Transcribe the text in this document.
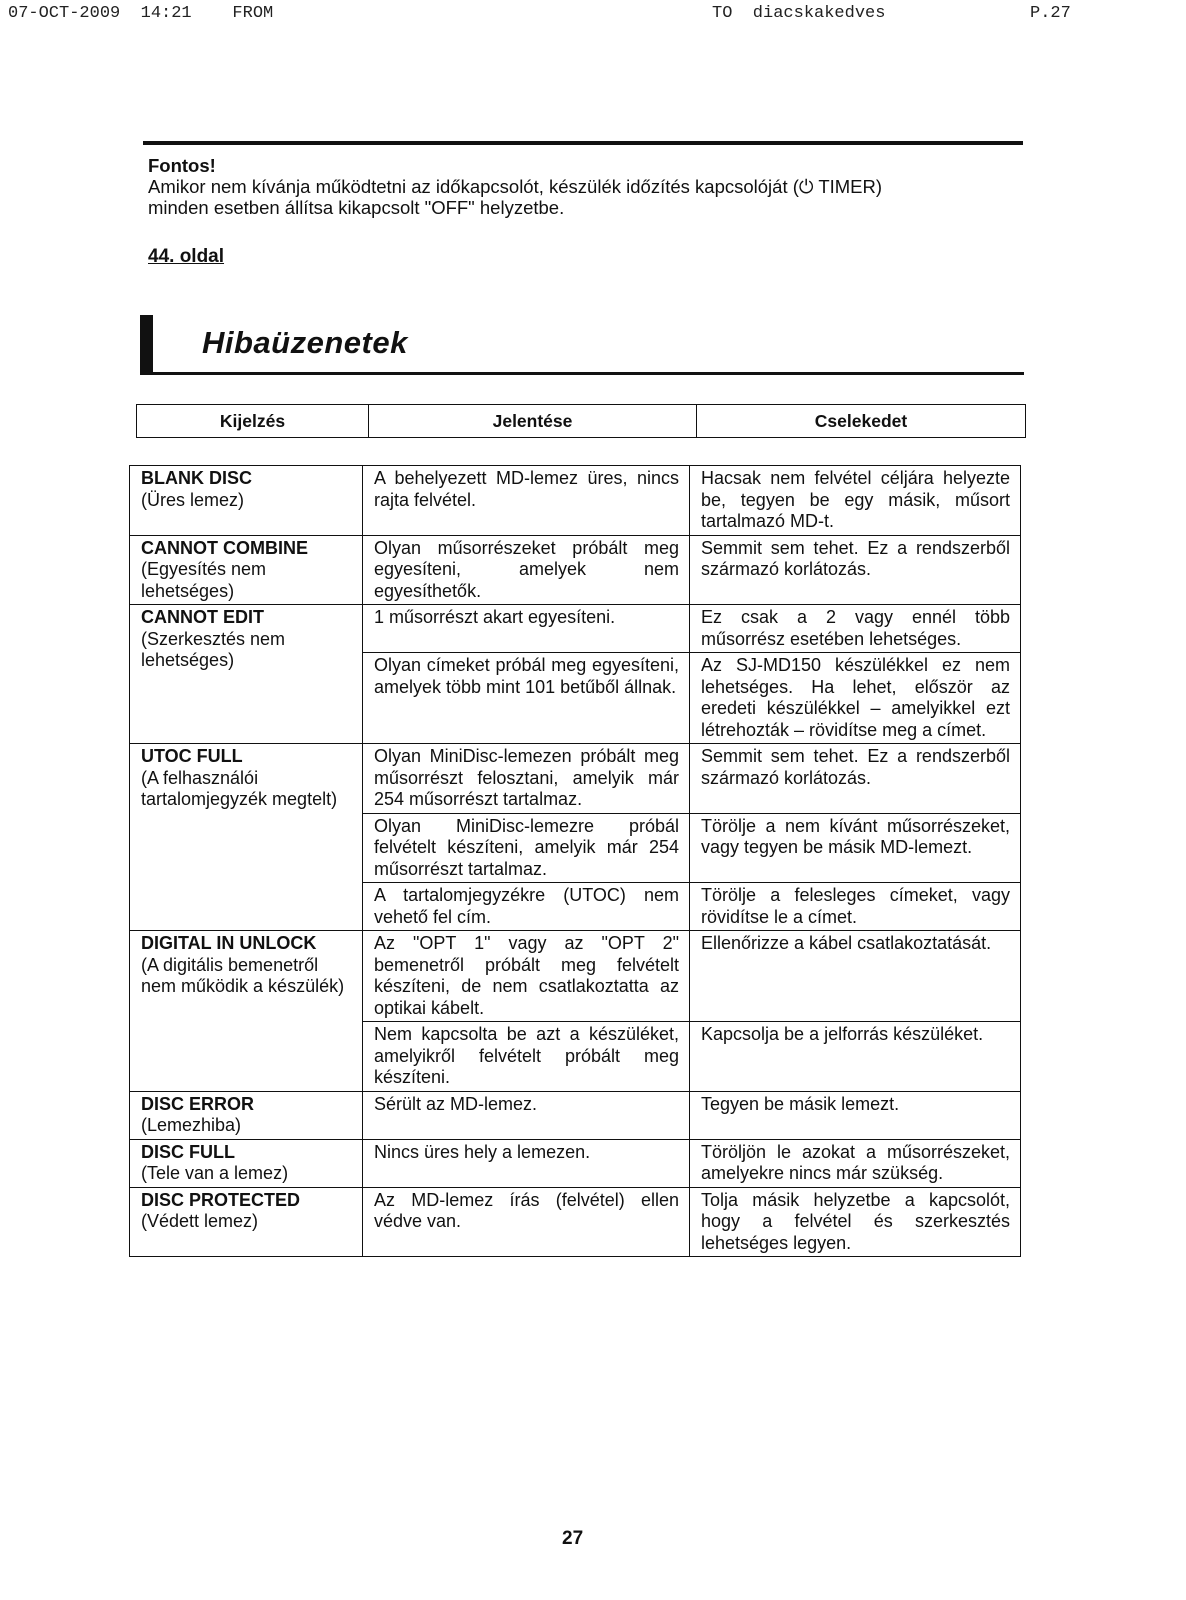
07-OCT-2009  14:21    FROM	TO  diacskakedves	P.27
Fontos!
Amikor nem kívánja működtetni az időkapcsolót, készülék időzítés kapcsolóját (⏻ TIMER)
minden esetben állítsa kikapcsolt "OFF" helyzetbe.
44. oldal
Hibaüzenetek
Kijelzés	Jelentése	Cselekedet
BLANK DISC
(Üres lemez)	A behelyezett MD-lemez üres, nincs rajta felvétel.	Hacsak nem felvétel céljára helyezte be, tegyen be egy másik, műsort tartalmazó MD-t.

CANNOT COMBINE
(Egyesítés nem lehetséges)	Olyan műsorrészeket próbált meg egyesíteni, amelyek nem egyesíthetők.	Semmit sem tehet. Ez a rendszerből származó korlátozás.

CANNOT EDIT
(Szerkesztés nem lehetséges)	1 műsorrészt akart egyesíteni.	Ez csak a 2 vagy ennél több műsorrész esetében lehetséges.
	Olyan címeket próbál meg egyesíteni, amelyek több mint 101 betűből állnak.	Az SJ-MD150 készülékkel ez nem lehetséges. Ha lehet, először az eredeti készülékkel – amelyikkel ezt létrehozták – rövidítse meg a címet.

UTOC FULL
(A felhasználói tartalomjegyzék megtelt)	Olyan MiniDisc-lemezen próbált meg műsorrészt felosztani, amelyik már 254 műsorrészt tartalmaz.	Semmit sem tehet. Ez a rendszerből származó korlátozás.
	Olyan MiniDisc-lemezre próbál felvételt készíteni, amelyik már 254 műsorrészt tartalmaz.	Törölje a nem kívánt műsorrészeket, vagy tegyen be másik MD-lemezt.
	A tartalomjegyzékre (UTOC) nem vehető fel cím.	Törölje a felesleges címeket, vagy rövidítse le a címet.

DIGITAL IN UNLOCK
(A digitális bemenetről nem működik a készülék)	Az "OPT 1" vagy az "OPT 2" bemenetről próbált meg felvételt készíteni, de nem csatlakoztatta az optikai kábelt.	Ellenőrizze a kábel csatlakoztatását.
	Nem kapcsolta be azt a készüléket, amelyikről felvételt próbált meg készíteni.	Kapcsolja be a jelforrás készüléket.

DISC ERROR
(Lemezhiba)	Sérült az MD-lemez.	Tegyen be másik lemezt.

DISC FULL
(Tele van a lemez)	Nincs üres hely a lemezen.	Töröljön le azokat a műsorrészeket, amelyekre nincs már szükség.

DISC PROTECTED
(Védett lemez)	Az MD-lemez írás (felvétel) ellen védve van.	Tolja másik helyzetbe a kapcsolót, hogy a felvétel és szerkesztés lehetséges legyen.
27
